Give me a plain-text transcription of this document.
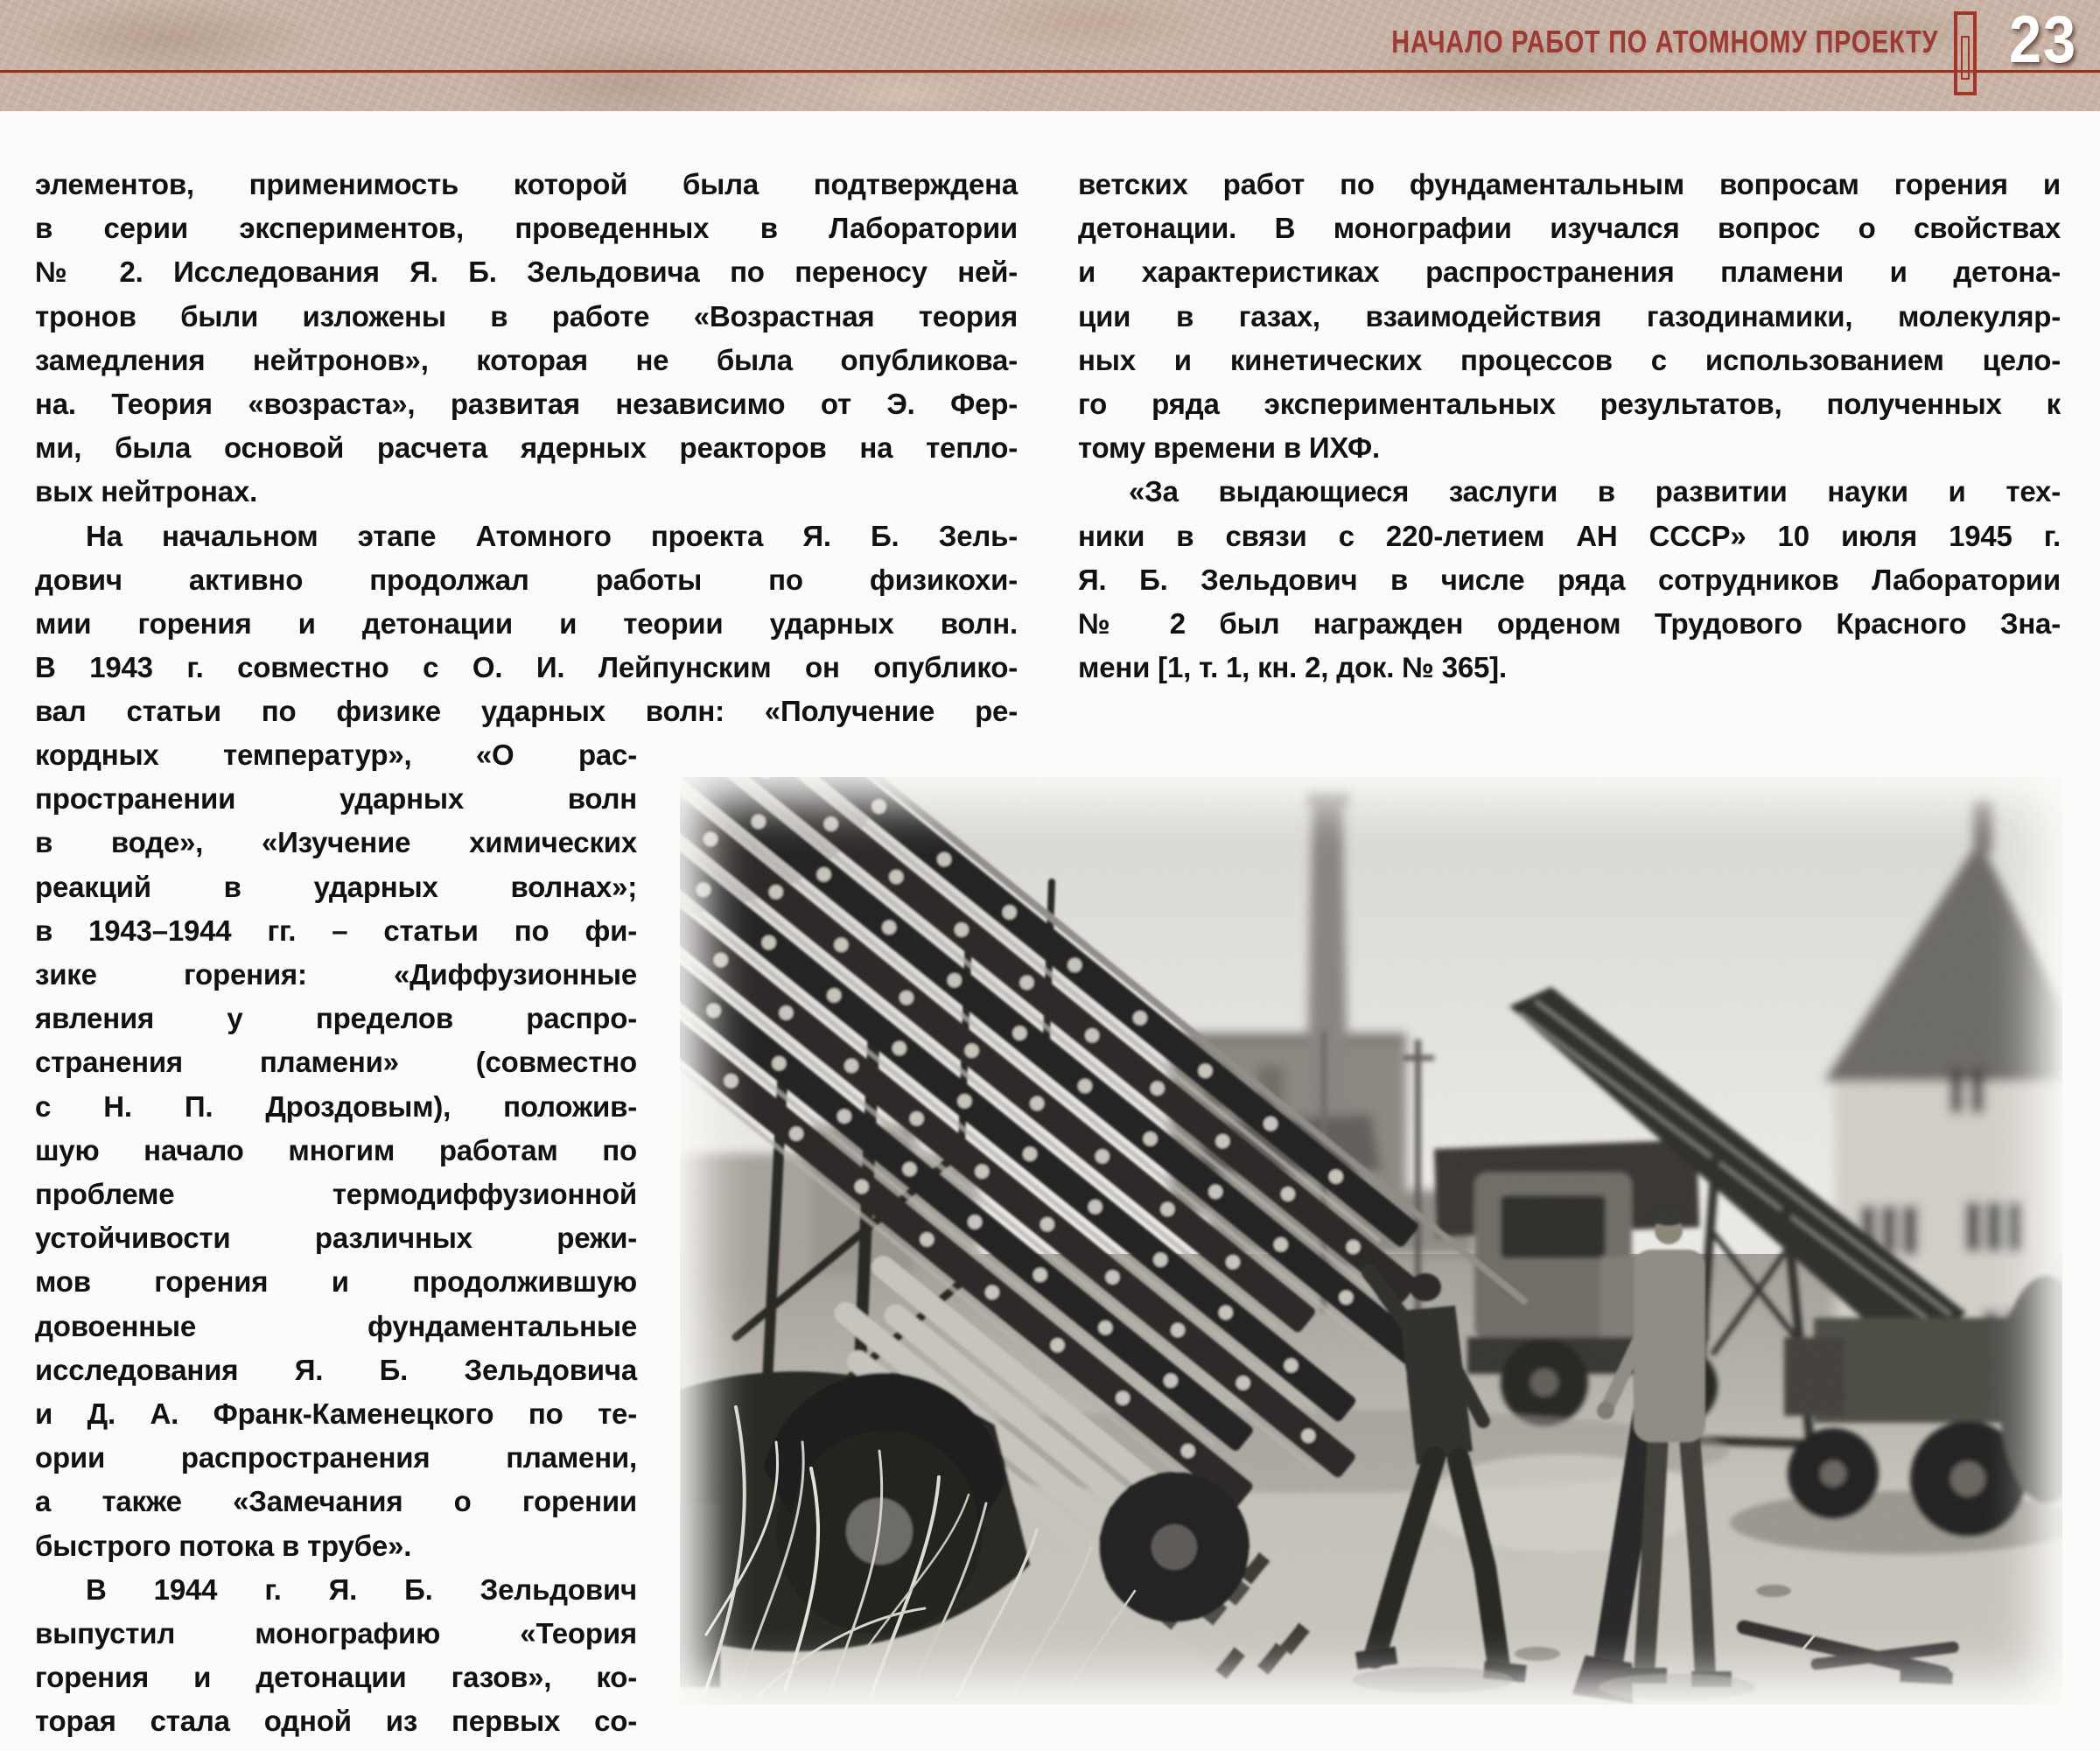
НАЧАЛО РАБОТ ПО АТОМНОМУ ПРОЕКТУ 23
элементов, применимость которой была подтверждена
в серии экспериментов, проведенных в Лаборатории
№ 2. Исследования Я. Б. Зельдовича по переносу ней-
тронов были изложены в работе «Возрастная теория
замедления нейтронов», которая не была опубликова-
на. Теория «возраста», развитая независимо от Э. Фер-
ми, была основой расчета ядерных реакторов на тепло-
вых нейтронах.
На начальном этапе Атомного проекта Я. Б. Зель-
дович активно продолжал работы по физикохи-
мии горения и детонации и теории ударных волн.
В 1943 г. совместно с О. И. Лейпунским он опублико-
вал статьи по физике ударных волн: «Получение ре-
кордных температур», «О рас-
пространении ударных волн
в воде», «Изучение химических
реакций в ударных волнах»;
в 1943–1944 гг. – статьи по фи-
зике горения: «Диффузионные
явления у пределов распро-
странения пламени» (совместно
с Н. П. Дроздовым), положив-
шую начало многим работам по
проблеме термодиффузионной
устойчивости различных режи-
мов горения и продолжившую
довоенные фундаментальные
исследования Я. Б. Зельдовича
и Д. А. Франк-Каменецкого по те-
ории распространения пламени,
а также «Замечания о горении
быстрого потока в трубе».
В 1944 г. Я. Б. Зельдович
выпустил монографию «Теория
горения и детонации газов», ко-
торая стала одной из первых со-
ветских работ по фундаментальным вопросам горения и
детонации. В монографии изучался вопрос о свойствах
и характеристиках распространения пламени и детона-
ции в газах, взаимодействия газодинамики, молекуляр-
ных и кинетических процессов с использованием цело-
го ряда экспериментальных результатов, полученных к
тому времени в ИХФ.
«За выдающиеся заслуги в развитии науки и тех-
ники в связи с 220-летием АН СССР» 10 июля 1945 г.
Я. Б. Зельдович в числе ряда сотрудников Лаборатории
№ 2 был награжден орденом Трудового Красного Зна-
мени [1, т. 1, кн. 2, док. № 365].
